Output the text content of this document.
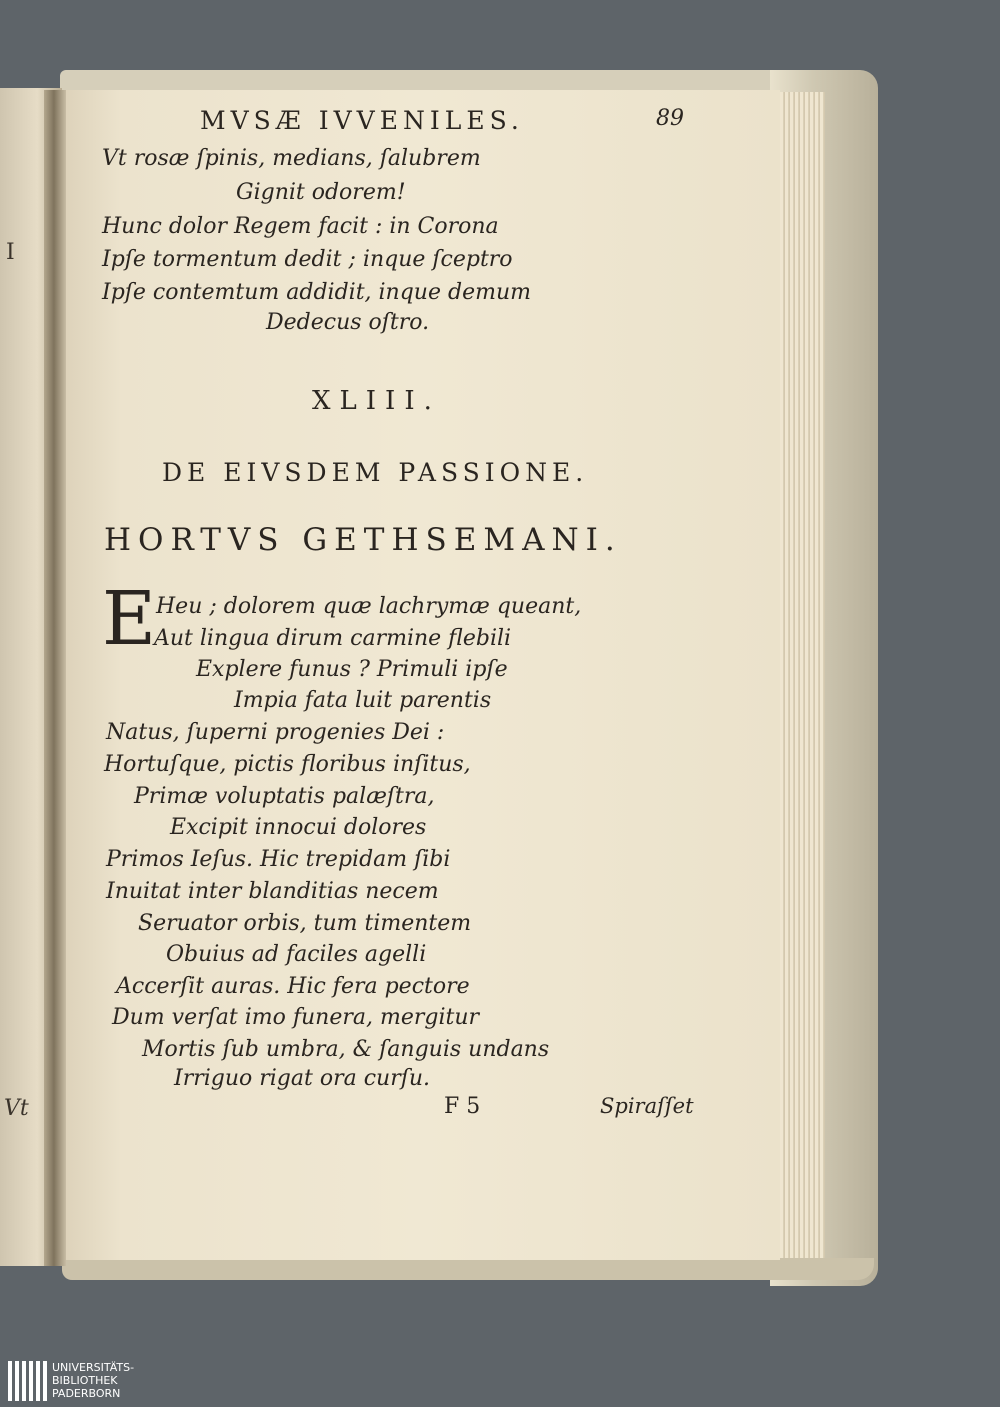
I
Vt
MVSÆ IVVENILES.	89
Vt rosæ ſpinis, medians, ſalubrem
Gignit odorem!
Hunc dolor Regem facit : in Corona
Ipſe tormentum dedit ; inque ſceptro
Ipſe contemtum addidit, inque demum
Dedecus oſtro.
XLIII.
DE EIVSDEM PASSIONE.
HORTVS GETHSEMANI.
E Heu ; dolorem quæ lachrymæ queant,
Aut lingua dirum carmine flebili
Explere funus ? Primuli ipſe
Impia fata luit parentis
Natus, ſuperni progenies Dei :
Hortuſque, pictis floribus inſitus,
Primæ voluptatis palæſtra,
Excipit innocui dolores
Primos Ieſus. Hic trepidam ſibi
Inuitat inter blanditias necem
Seruator orbis, tum timentem
Obuius ad faciles agelli
Accerſit auras. Hic fera pectore
Dum verſat imo funera, mergitur
Mortis ſub umbra, & ſanguis undans
Irriguo rigat ora curſu.
F 5	Spiraſſet
UNIVERSITÄTS-
BIBLIOTHEK
PADERBORN
